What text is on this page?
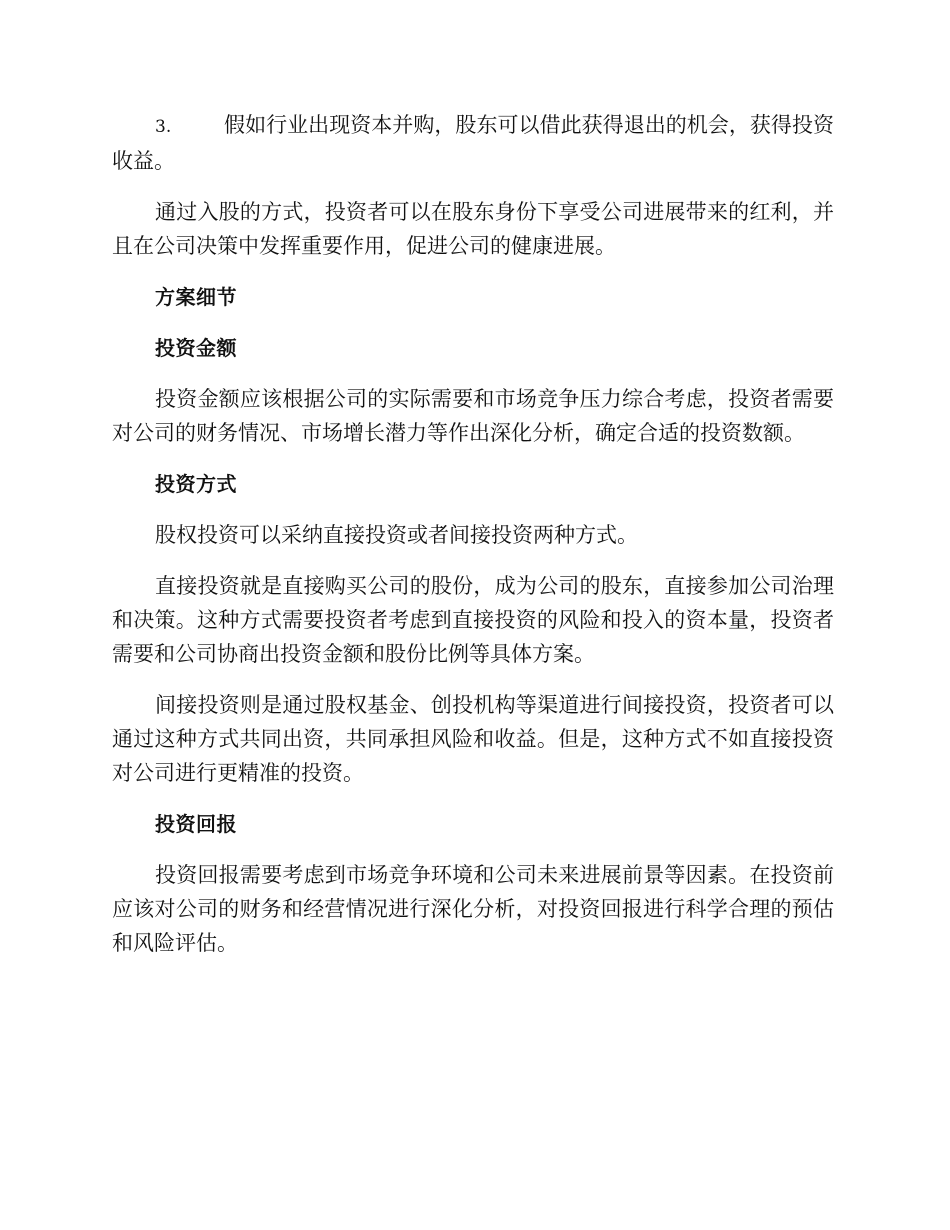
3.	假如行业出现资本并购，股东可以借此获得退出的机会，获得投资收益。

通过入股的方式，投资者可以在股东身份下享受公司进展带来的红利，并且在公司决策中发挥重要作用，促进公司的健康进展。

方案细节
投资金额

投资金额应该根据公司的实际需要和市场竞争压力综合考虑，投资者需要对公司的财务情况、市场增长潜力等作出深化分析，确定合适的投资数额。

投资方式

股权投资可以采纳直接投资或者间接投资两种方式。

直接投资就是直接购买公司的股份，成为公司的股东，直接参加公司治理和决策。这种方式需要投资者考虑到直接投资的风险和投入的资本量，投资者需要和公司协商出投资金额和股份比例等具体方案。

间接投资则是通过股权基金、创投机构等渠道进行间接投资，投资者可以通过这种方式共同出资，共同承担风险和收益。但是，这种方式不如直接投资对公司进行更精准的投资。

投资回报

投资回报需要考虑到市场竞争环境和公司未来进展前景等因素。在投资前应该对公司的财务和经营情况进行深化分析，对投资回报进行科学合理的预估和风险评估。
